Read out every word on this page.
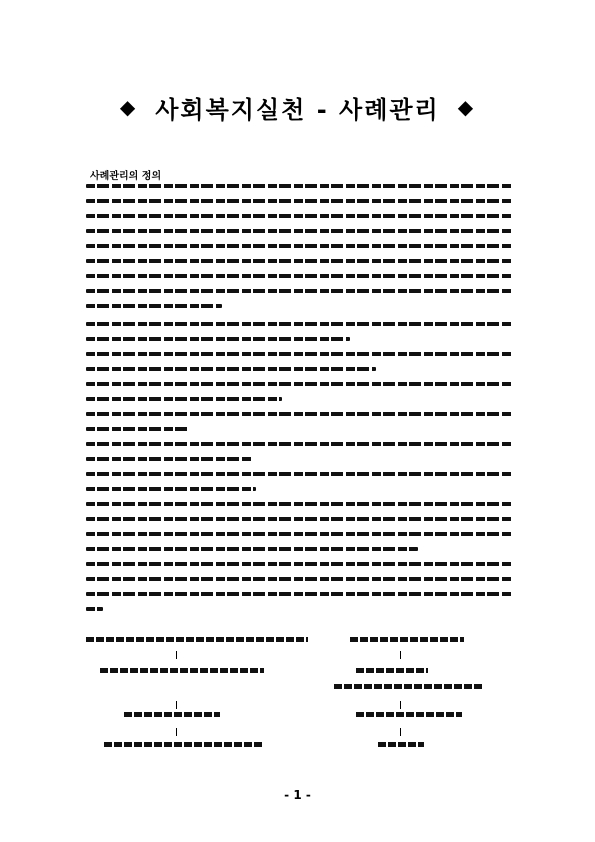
◆ 사회복지실천 - 사례관리 ◆
사례관리의 정의
- 1 -
